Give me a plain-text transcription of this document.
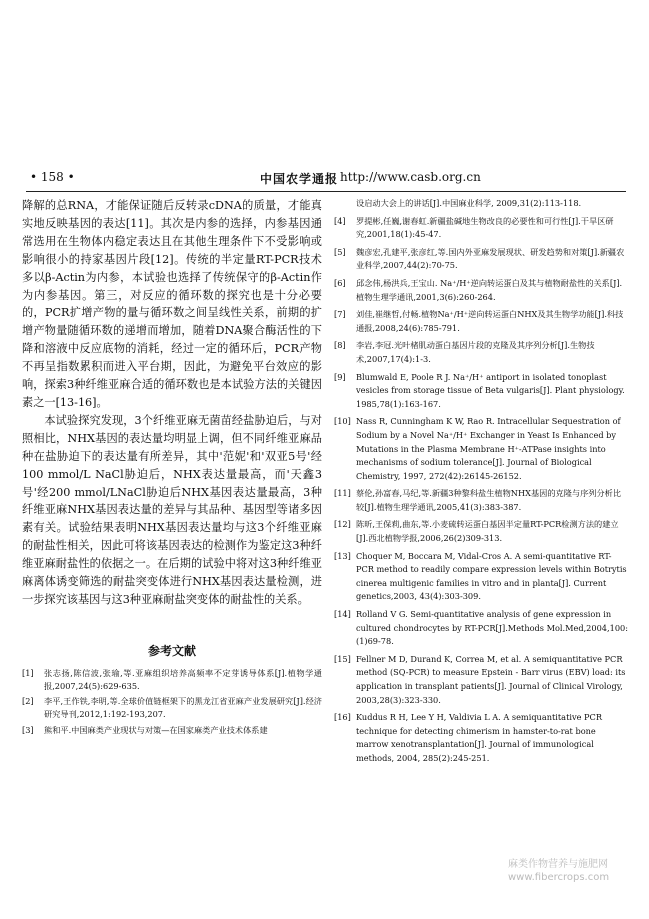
• 158 •	中国农学通报 http://www.casb.org.cn

降解的总RNA，才能保证随后反转录cDNA的质量，才能真实地反映基因的表达[11]。其次是内参的选择，内参基因通常选用在生物体内稳定表达且在其他生理条件下不受影响或影响很小的持家基因片段[12]。传统的半定量RT-PCR技术多以β-Actin为内参，本试验也选择了传统保守的β-Actin作为内参基因。第三，对反应的循环数的探究也是十分必要的，PCR扩增产物的量与循环数之间呈线性关系，前期的扩增产物量随循环数的递增而增加，随着DNA聚合酶活性的下降和溶液中反应底物的消耗，经过一定的循环后，PCR产物不再呈指数累积而进入平台期，因此，为避免平台效应的影响，探索3种纤维亚麻合适的循环数也是本试验方法的关键因素之一[13-16]。

本试验探究发现，3个纤维亚麻无菌苗经盐胁迫后，与对照相比，NHX基因的表达量均明显上调，但不同纤维亚麻品种在盐胁迫下的表达量有所差异，其中'范妮'和'双亚5号'经100 mmol/L NaCl胁迫后，NHX表达量最高，而'天鑫3号'经200 mmol/LNaCl胁迫后NHX基因表达量最高，3种纤维亚麻NHX基因表达量的差异与其品种、基因型等诸多因素有关。试验结果表明NHX基因表达量均与这3个纤维亚麻的耐盐性相关，因此可将该基因表达的检测作为鉴定这3种纤维亚麻耐盐性的依据之一。在后期的试验中将对这3种纤维亚麻离体诱变筛选的耐盐突变体进行NHX基因表达量检测，进一步探究该基因与这3种亚麻耐盐突变体的耐盐性的关系。

参考文献
[1]	张志扬,陈信波,张瑜,等.亚麻组织培养高频率不定芽诱导体系[J].植物学通报,2007,24(5):629-635.
[2]	李平,王作铁,李明,等.全球价值链框架下的黑龙江省亚麻产业发展研究[J].经济研究导刊,2012,1:192-193,207.
[3]	熊和平.中国麻类产业现状与对策—在国家麻类产业技术体系建
设启动大会上的讲话[J].中国麻业科学, 2009,31(2):113-118.
[4]	罗提彬,任巍,谢春虹.新疆盐碱地生物改良的必要性和可行性[J].干旱区研究,2001,18(1):45-47.
[5]	魏彦宏,孔建平,张彦红,等.国内外亚麻发展现状、研发趋势和对策[J].新疆农业科学,2007,44(2):70-75.
[6]	邱念伟,杨洪兵,王宝山. Na⁺/H⁺逆向转运蛋白及其与植物耐盐性的关系[J].植物生理学通讯,2001,3(6):260-264.
[7]	刘佳,崔继哲,付畅.植物Na⁺/H⁺逆向转运蛋白NHX及其生物学功能[J].科技通报,2008,24(6):785-791.
[8]	李岩,李冠.光叶楮肌动蛋白基因片段的克隆及其序列分析[J].生物技术,2007,17(4):1-3.
[9]	Blumwald E, Poole R J. Na⁺/H⁺ antiport in isolated tonoplast vesicles from storage tissue of Beta vulgaris[J]. Plant physiology. 1985,78(1):163-167.
[10] Nass R, Cunningham K W, Rao R. Intracellular Sequestration of Sodium by a Novel Na⁺/H⁺ Exchanger in Yeast Is Enhanced by Mutations in the Plasma Membrane H⁺-ATPase insights into mechanisms of sodium tolerance[J]. Journal of Biological Chemistry, 1997, 272(42):26145-26152.
[11] 蔡伦,孙富春,马纪,等.新疆3种黎科盐生植物NHX基因的克隆与序列分析比较[J].植物生理学通讯,2005,41(3):383-387.
[12] 陈昕,王保莉,曲东,等.小麦硫转运蛋白基因半定量RT-PCR检测方法的建立[J].西北植物学报,2006,26(2)309-313.
[13] Choquer M, Boccara M, Vidal-Cros A. A semi-quantitative RT-PCR method to readily compare expression levels within Botrytis cinerea multigenic families in vitro and in planta[J]. Current genetics,2003, 43(4):303-309.
[14] Rolland V G. Semi-quantitative analysis of gene expression in cultured chondrocytes by RT-PCR[J].Methods Mol.Med,2004,100:(1)69-78.
[15] Fellner M D, Durand K, Correa M, et al. A semiquantitative PCR method (SQ-PCR) to measure Epstein - Barr virus (EBV) load: its application in transplant patients[J]. Journal of Clinical Virology, 2003,28(3):323-330.
[16] Kuddus R H, Lee Y H, Valdivia L A. A semiquantitative PCR technique for detecting chimerism in hamster-to-rat bone marrow xenotransplantation[J]. Journal of immunological methods, 2004, 285(2):245-251.
麻类作物营养与施肥网
www.fibercrops.com
